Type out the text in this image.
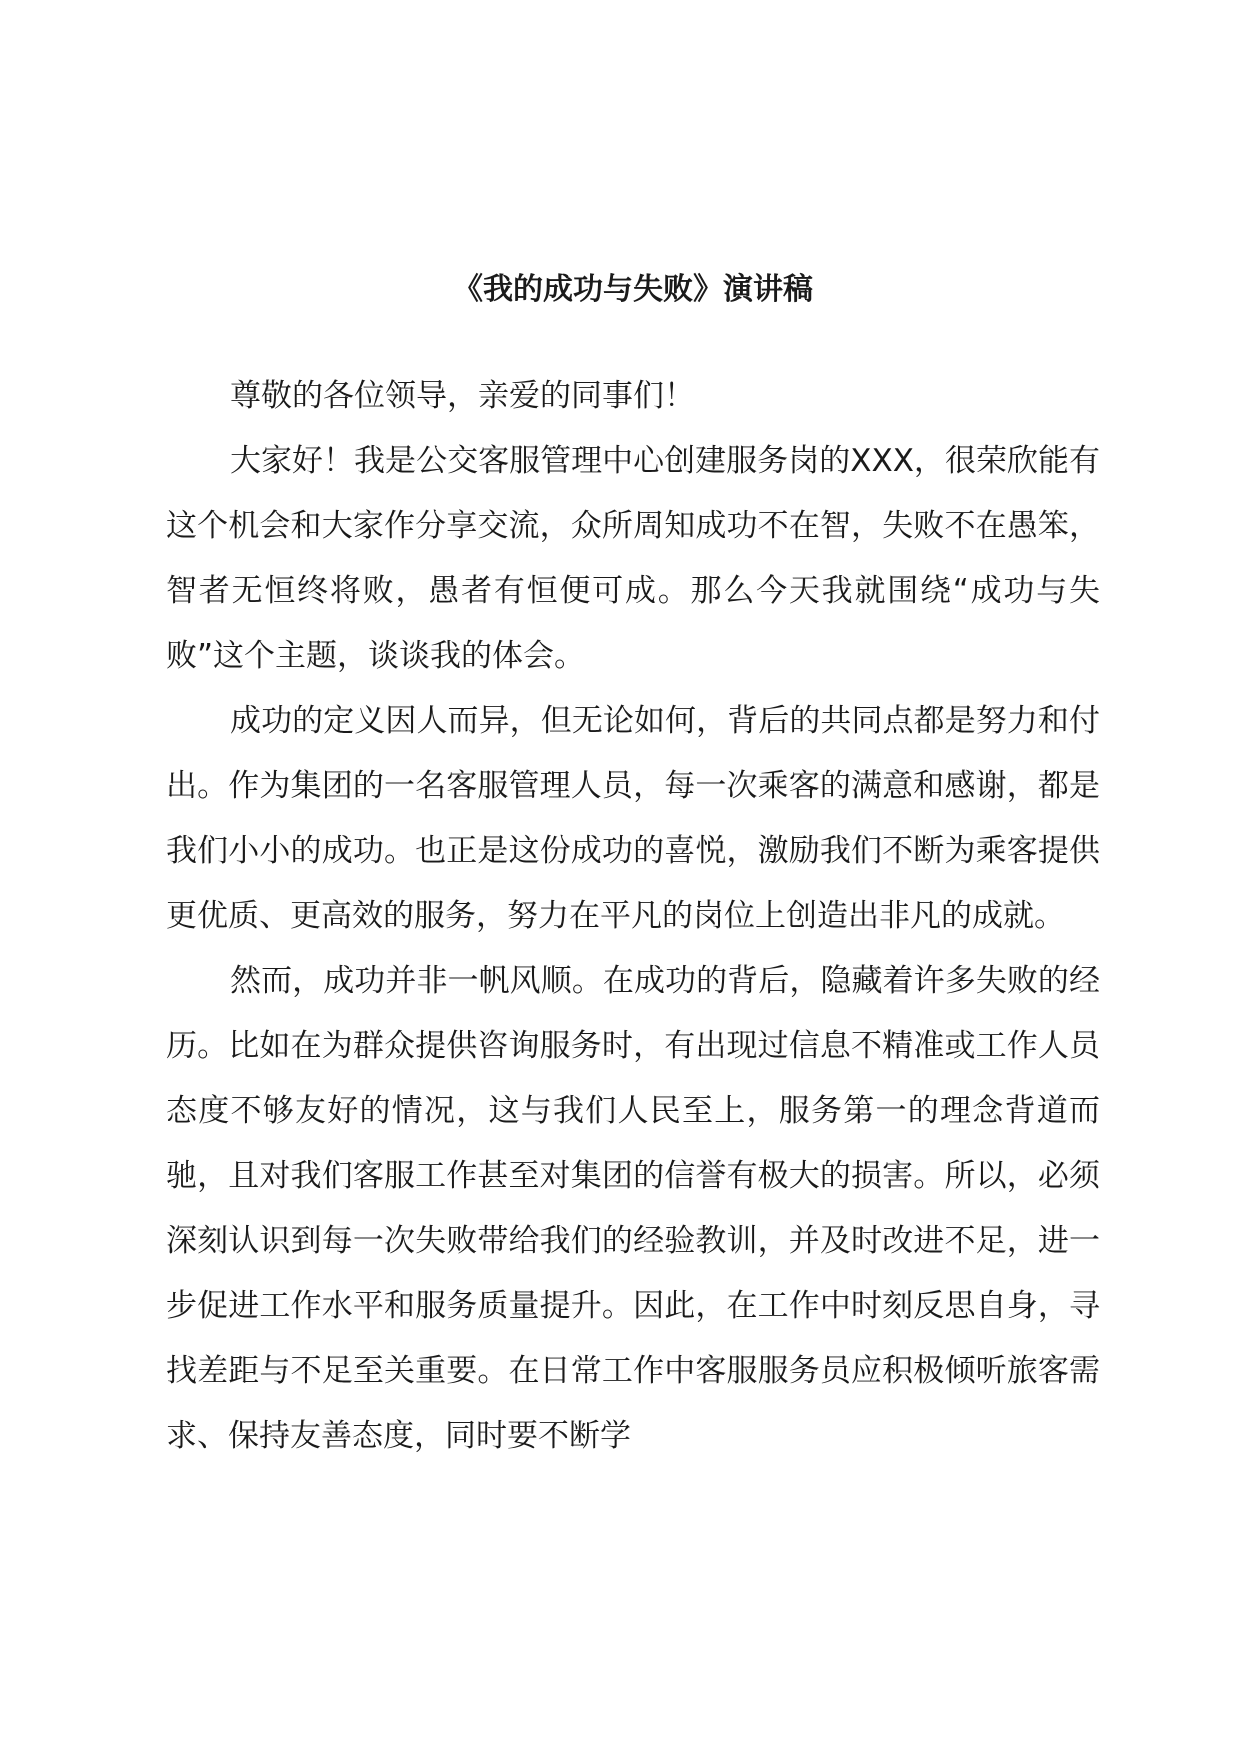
《我的成功与失败》演讲稿

尊敬的各位领导，亲爱的同事们！

大家好！我是公交客服管理中心创建服务岗的XXX，很荣欣能有这个机会和大家作分享交流，众所周知成功不在智，失败不在愚笨，智者无恒终将败，愚者有恒便可成。那么今天我就围绕“成功与失败”这个主题，谈谈我的体会。

成功的定义因人而异，但无论如何，背后的共同点都是努力和付出。作为集团的一名客服管理人员，每一次乘客的满意和感谢，都是我们小小的成功。也正是这份成功的喜悦，激励我们不断为乘客提供更优质、更高效的服务，努力在平凡的岗位上创造出非凡的成就。

然而，成功并非一帆风顺。在成功的背后，隐藏着许多失败的经历。比如在为群众提供咨询服务时，有出现过信息不精准或工作人员态度不够友好的情况，这与我们人民至上，服务第一的理念背道而驰，且对我们客服工作甚至对集团的信誉有极大的损害。所以，必须深刻认识到每一次失败带给我们的经验教训，并及时改进不足，进一步促进工作水平和服务质量提升。因此，在工作中时刻反思自身，寻找差距与不足至关重要。在日常工作中客服服务员应积极倾听旅客需求、保持友善态度，同时要不断学
